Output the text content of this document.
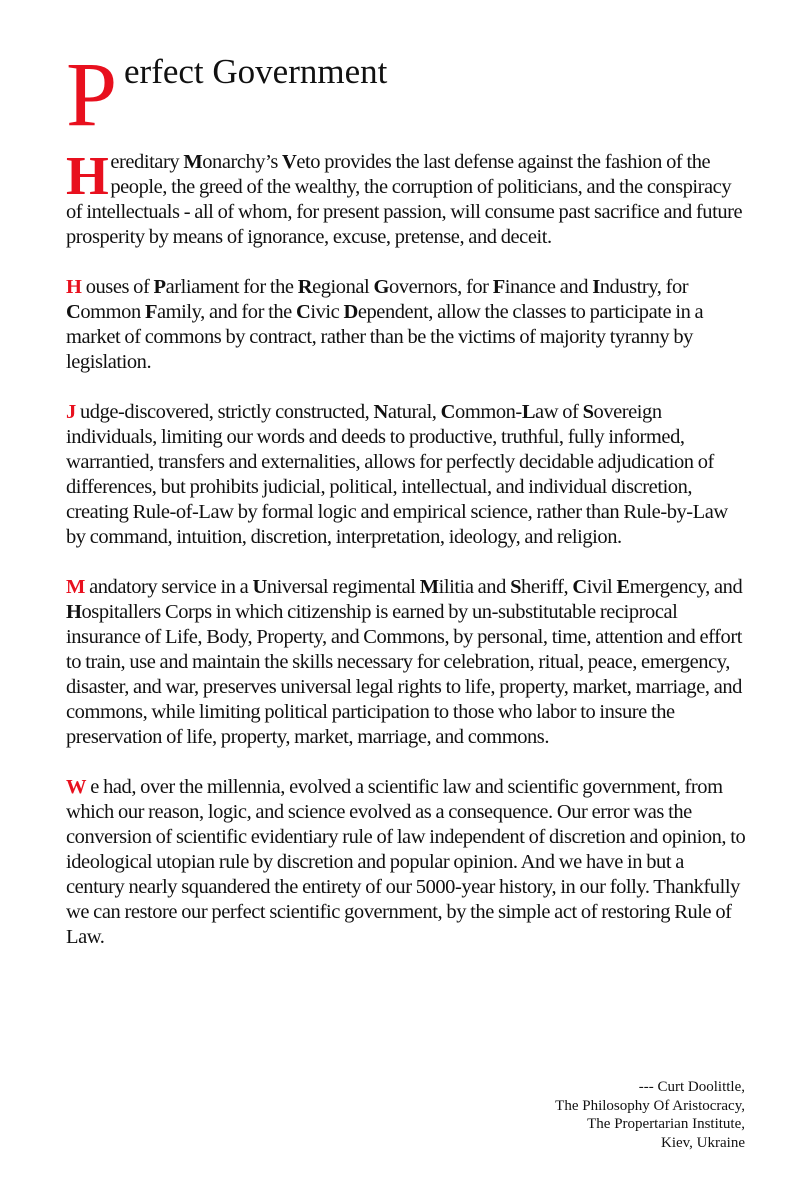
P erfect Government

H ereditary Monarchy’s Veto provides the last defense against the fashion of the people, the greed of the wealthy, the corruption of politicians, and the conspiracy of intellectuals - all of whom, for present passion, will consume past sacrifice and future prosperity by means of ignorance, excuse, pretense, and deceit.

H ouses of Parliament for the Regional Governors, for Finance and Industry, for Common Family, and for the Civic Dependent, allow the classes to participate in a market of commons by contract, rather than be the victims of majority tyranny by legislation.

J udge-discovered, strictly constructed, Natural, Common-Law of Sovereign individuals, limiting our words and deeds to productive, truthful, fully informed, warrantied, transfers and externalities, allows for perfectly decidable adjudication of differences, but prohibits judicial, political, intellectual, and individual discretion, creating Rule-of-Law by formal logic and empirical science, rather than Rule-by-Law by command, intuition, discretion, interpretation, ideology, and religion.

M andatory service in a Universal regimental Militia and Sheriff, Civil Emergency, and Hospitallers Corps in which citizenship is earned by un-substitutable reciprocal insurance of Life, Body, Property, and Commons, by personal, time, attention and effort to train, use and maintain the skills necessary for celebration, ritual, peace, emergency, disaster, and war, preserves universal legal rights to life, property, market, marriage, and commons, while limiting political participation to those who labor to insure the preservation of life, property, market, marriage, and commons.

W e had, over the millennia, evolved a scientific law and scientific government, from which our reason, logic, and science evolved as a consequence. Our error was the conversion of scientific evidentiary rule of law independent of discretion and opinion, to ideological utopian rule by discretion and popular opinion. And we have in but a century nearly squandered the entirety of our 5000-year history, in our folly. Thankfully we can restore our perfect scientific government, by the simple act of restoring Rule of Law.

--- Curt Doolittle,
The Philosophy Of Aristocracy,
The Propertarian Institute,
Kiev, Ukraine
